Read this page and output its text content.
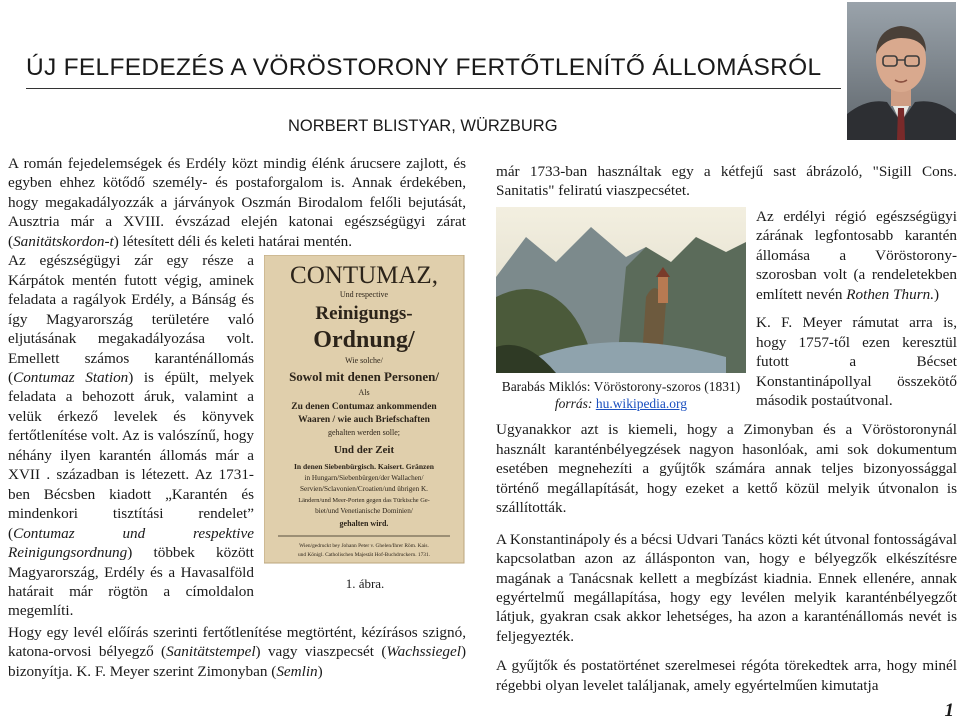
ÚJ FELFEDEZÉS A VÖRÖSTORONY FERTŐTLENÍTŐ ÁLLOMÁSRÓL
NORBERT BLISTYAR, WÜRZBURG

A román fejedelemségek és Erdély közt mindig élénk árucsere zajlott, és egyben ehhez kötődő személy- és postaforgalom is. Annak érdekében, hogy megakadályozzák a járványok Oszmán Birodalom felőli bejutását, Ausztria már a XVIII. évszázad elején katonai egészségügyi zárat (Sanitätskordon-t) létesített déli és keleti határai mentén.

CONTUMAZ,
Und respective
Reinigungs-
Ordnung/
Wie solche/
Sowol mit denen Personen/
Als
Zu denen Contumaz ankommenden
Waaren / wie auch Briefschaften
gehalten werden solle;
Und der Zeit
In denen Siebenbürgisch. Kaisert. Gränzen
in Hungarn/Siebenbürgen/der Wallachen/
Servien/Sclavonien/Croatien/und übrigen K.
Ländern/und Meer-Porten gegen das Türkische Ge-
biet/und Venetianische Dominien/
gehalten wird.
Wien/gedruckt bey Johann Peter v. Ghelen/Ihrer Röm. Kais.
und Königl. Catholischen Majestät Hof-Buchdruckern. 1731.
1. ábra.

Az egészségügyi zár egy része a Kárpátok mentén futott végig, aminek feladata a ragályok Erdély, a Bánság és így Magyarország területére való eljutásának megakadályozása volt. Emellett számos karanténállomás (Contumaz Station) is épült, melyek feladata a behozott áruk, valamint a velük érkező levelek és könyvek fertőtlenítése volt. Az is valószínű, hogy néhány ilyen karantén állomás már a XVII . században is létezett. Az 1731-ben Bécsben kiadott „Karantén és mindenkori tisztítási rendelet” (Contumaz und respektive Reinigungsordnung) többek között Magyarország, Erdély és a Havasalföld határait már rögtön a címoldalon megemlíti.

Hogy egy levél előírás szerinti fertőtlenítése megtörtént, kézírásos szignó, katona-orvosi bélyegző (Sanitätstempel) vagy viaszpecsét (Wachssiegel) bizonyítja. K. F. Meyer szerint Zimonyban (Semlin)

már 1733-ban használtak egy a kétfejű sast ábrázoló, "Sigill Cons. Sanitatis" feliratú viaszpecsétet.

Barabás Miklós: Vöröstorony-szoros (1831)
forrás: hu.wikipedia.org

Az erdélyi régió egészségügyi zárának legfontosabb karantén állomása a Vöröstorony-szorosban volt (a rendeletekben említett nevén Rothen Thurn.)

K. F. Meyer rámutat arra is, hogy 1757-től ezen keresztül futott a Bécset Konstantinápollyal összekötő második postaútvonal.

Ugyanakkor azt is kiemeli, hogy a Zimonyban és a Vöröstoronynál használt karanténbélyegzések nagyon hasonlóak, ami sok dokumentum esetében megnehezíti a gyűjtők számára annak teljes bizonyossággal történő megállapítását, hogy ezeket a kettő közül melyik útvonalon is szállították.

A Konstantinápoly és a bécsi Udvari Tanács közti két útvonal fontosságával kapcsolatban azon az állásponton van, hogy e bélyegzők elkészítésre magának a Tanácsnak kellett a megbízást kiadnia. Ennek ellenére, annak egyértelmű megállapítása, hogy egy levélen melyik karanténbélyegzőt látjuk, gyakran csak akkor lehetséges, ha azon a karanténállomás nevét is feljegyezték.

A gyűjtők és postatörténet szerelmesei régóta törekedtek arra, hogy minél régebbi olyan levelet találjanak, amely egyértelműen kimutatja

1
